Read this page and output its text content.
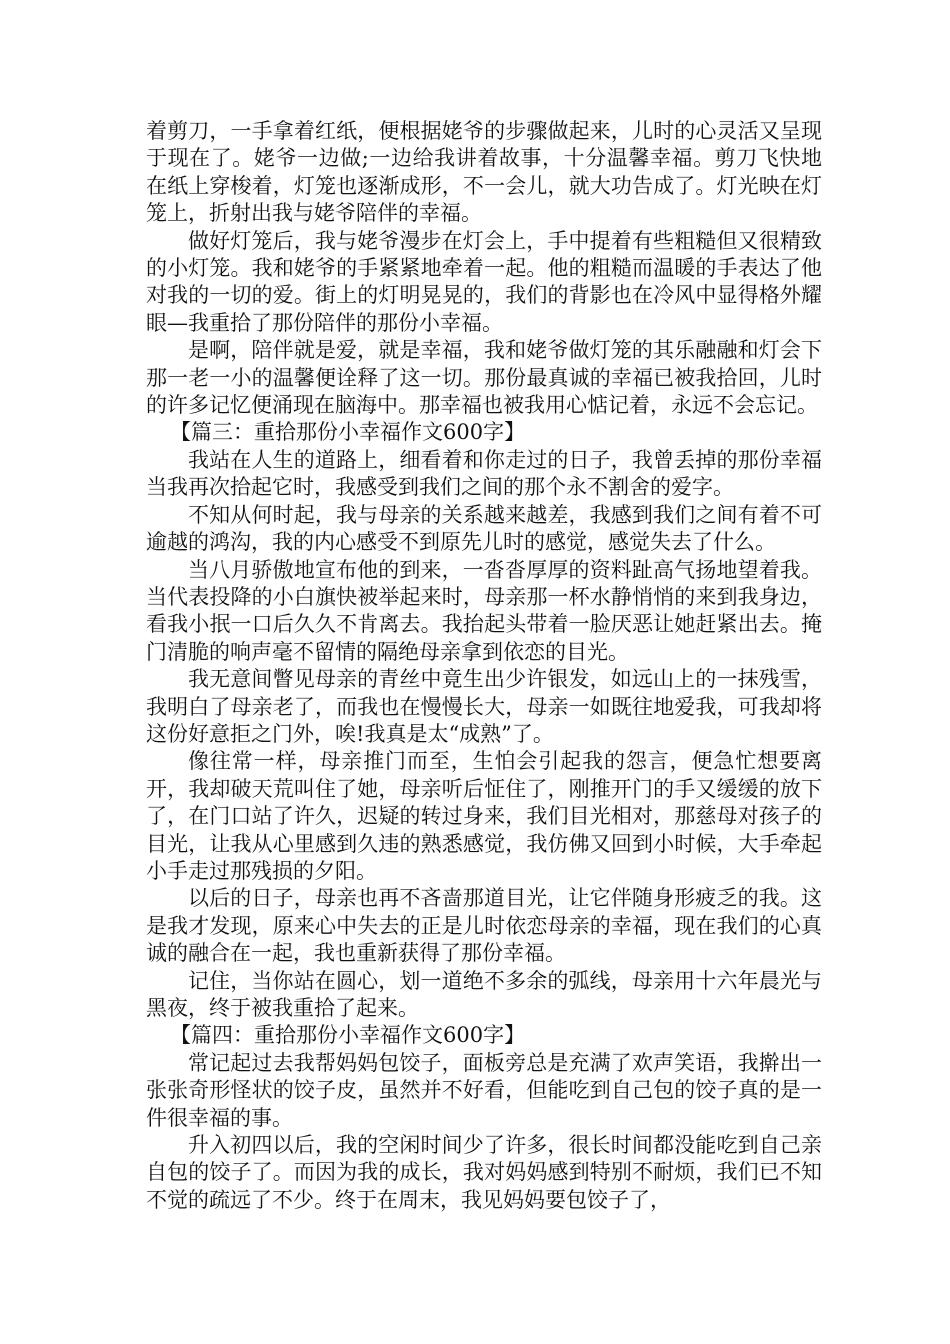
着剪刀，一手拿着红纸，便根据姥爷的步骤做起来，儿时的心灵活又呈现于现在了。姥爷一边做;一边给我讲着故事，十分温馨幸福。剪刀飞快地在纸上穿梭着，灯笼也逐渐成形，不一会儿，就大功告成了。灯光映在灯笼上，折射出我与姥爷陪伴的幸福。

做好灯笼后，我与姥爷漫步在灯会上，手中提着有些粗糙但又很精致的小灯笼。我和姥爷的手紧紧地牵着一起。他的粗糙而温暖的手表达了他对我的一切的爱。街上的灯明晃晃的，我们的背影也在冷风中显得格外耀眼—我重拾了那份陪伴的那份小幸福。

是啊，陪伴就是爱，就是幸福，我和姥爷做灯笼的其乐融融和灯会下那一老一小的温馨便诠释了这一切。那份最真诚的幸福已被我拾回，儿时的许多记忆便涌现在脑海中。那幸福也被我用心惦记着，永远不会忘记。

【篇三：重拾那份小幸福作文600字】

我站在人生的道路上，细看着和你走过的日子，我曾丢掉的那份幸福当我再次拾起它时，我感受到我们之间的那个永不割舍的爱字。

不知从何时起，我与母亲的关系越来越差，我感到我们之间有着不可逾越的鸿沟，我的内心感受不到原先儿时的感觉，感觉失去了什么。

当八月骄傲地宣布他的到来，一沓沓厚厚的资料趾高气扬地望着我。当代表投降的小白旗快被举起来时，母亲那一杯水静悄悄的来到我身边，看我小抿一口后久久不肯离去。我抬起头带着一脸厌恶让她赶紧出去。掩门清脆的响声毫不留情的隔绝母亲拿到依恋的目光。

我无意间瞥见母亲的青丝中竟生出少许银发，如远山上的一抹残雪，我明白了母亲老了，而我也在慢慢长大，母亲一如既往地爱我，可我却将这份好意拒之门外，唉!我真是太“成熟”了。

像往常一样，母亲推门而至，生怕会引起我的怨言，便急忙想要离开，我却破天荒叫住了她，母亲听后怔住了，刚推开门的手又缓缓的放下了，在门口站了许久，迟疑的转过身来，我们目光相对，那慈母对孩子的目光，让我从心里感到久违的熟悉感觉，我仿佛又回到小时候，大手牵起小手走过那残损的夕阳。

以后的日子，母亲也再不吝啬那道目光，让它伴随身形疲乏的我。这是我才发现，原来心中失去的正是儿时依恋母亲的幸福，现在我们的心真诚的融合在一起，我也重新获得了那份幸福。

记住，当你站在圆心，划一道绝不多余的弧线，母亲用十六年晨光与黑夜，终于被我重拾了起来。

【篇四：重拾那份小幸福作文600字】

常记起过去我帮妈妈包饺子，面板旁总是充满了欢声笑语，我擀出一张张奇形怪状的饺子皮，虽然并不好看，但能吃到自己包的饺子真的是一件很幸福的事。

升入初四以后，我的空闲时间少了许多，很长时间都没能吃到自己亲自包的饺子了。而因为我的成长，我对妈妈感到特别不耐烦，我们已不知不觉的疏远了不少。终于在周末，我见妈妈要包饺子了，
